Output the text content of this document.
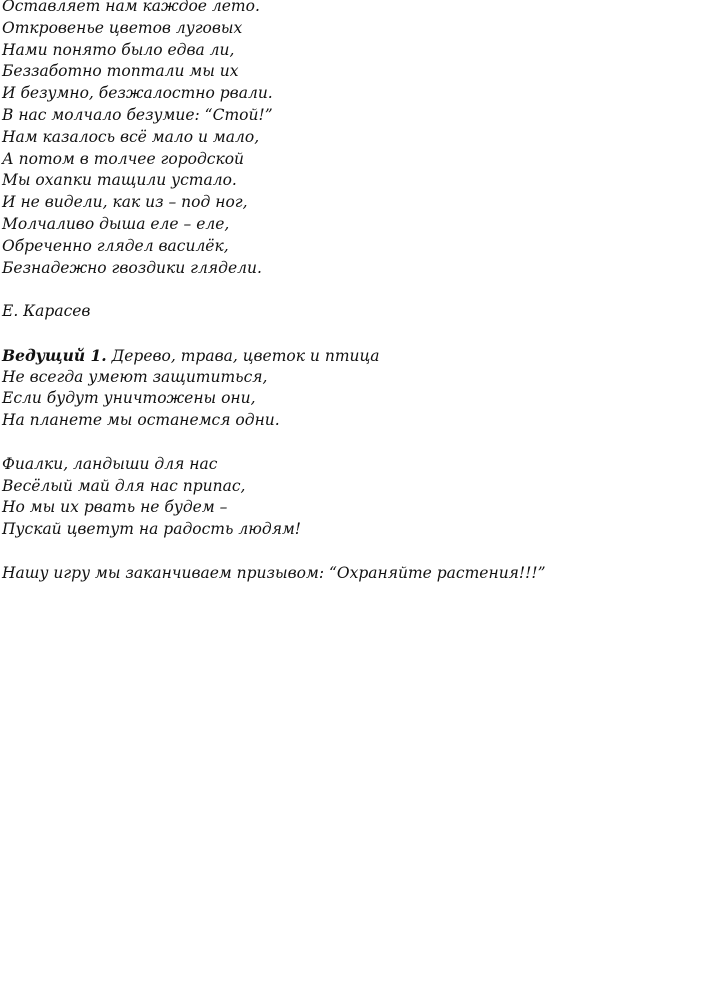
Оставляет нам каждое лето.
Откровенье цветов луговых
Нами понято было едва ли,
Беззаботно топтали мы их
И безумно, безжалостно рвали.
В нас молчало безумие: “Стой!”
Нам казалось всё мало и мало,
А потом в толчее городской
Мы охапки тащили устало.
И не видели, как из – под ног,
Молчаливо дыша еле – еле,
Обреченно глядел василёк,
Безнадежно гвоздики глядели.
Е. Карасев
Ведущий 1. Дерево, трава, цветок и птица
Не всегда умеют защититься,
Если будут уничтожены они,
На планете мы останемся одни.
Фиалки, ландыши для нас
Весёлый май для нас припас,
Но мы их рвать не будем –
Пускай цветут на радость людям!
Нашу игру мы заканчиваем призывом: “Охраняйте растения!!!”
